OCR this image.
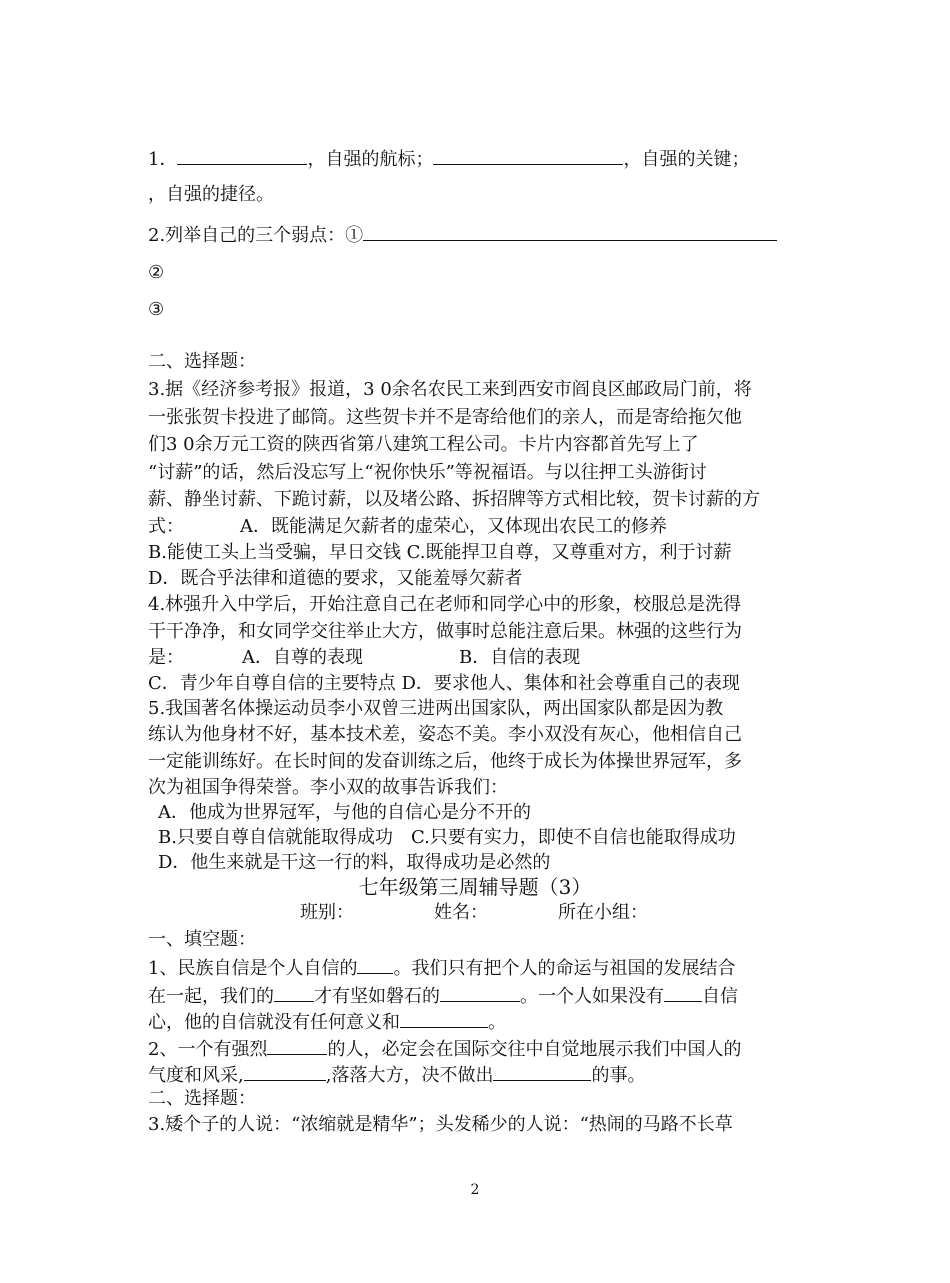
1．	，自强的航标；	，自强的关键；
，自强的捷径。
2.列举自己的三个弱点：①
②
③
二、选择题：
3.据《经济参考报》报道，3 0余名农民工来到西安市阎良区邮政局门前，将
一张张贺卡投进了邮筒。这些贺卡并不是寄给他们的亲人，而是寄给拖欠他
们3 0余万元工资的陕西省第八建筑工程公司。卡片内容都首先写上了
“讨薪”的话，然后没忘写上“祝你快乐”等祝福语。与以往押工头游街讨
薪、静坐讨薪、下跪讨薪，以及堵公路、拆招牌等方式相比较，贺卡讨薪的方
式：	A．既能满足欠薪者的虚荣心，又体现出农民工的修养
B.能使工头上当受骗，早日交钱 C.既能捍卫自尊，又尊重对方，利于讨薪
D．既合乎法律和道德的要求，又能羞辱欠薪者
4.林强升入中学后，开始注意自己在老师和同学心中的形象，校服总是洗得
干干净净，和女同学交往举止大方，做事时总能注意后果。林强的这些行为
是：	A．自尊的表现	B．自信的表现
C．青少年自尊自信的主要特点 D．要求他人、集体和社会尊重自己的表现
5.我国著名体操运动员李小双曾三进两出国家队，两出国家队都是因为教
练认为他身材不好，基本技术差，姿态不美。李小双没有灰心，他相信自己
一定能训练好。在长时间的发奋训练之后，他终于成长为体操世界冠军，多
次为祖国争得荣誉。李小双的故事告诉我们：
A．他成为世界冠军，与他的自信心是分不开的
B.只要自尊自信就能取得成功　C.只要有实力，即使不自信也能取得成功
D．他生来就是干这一行的料，取得成功是必然的
七年级第三周辅导题（3）
班别：	姓名：	所在小组：
一、填空题：
1、民族自信是个人自信的 。我们只有把个人的命运与祖国的发展结合
在一起，我们的 才有坚如磐石的	。一个人如果没有 自信
心，他的自信就没有任何意义和	。
2、一个有强烈	的人，必定会在国际交往中自觉地展示我们中国人的
气度和风采,	,落落大方，决不做出	的事。
二、选择题：
3.矮个子的人说：“浓缩就是精华”；头发稀少的人说：“热闹的马路不长草
2
